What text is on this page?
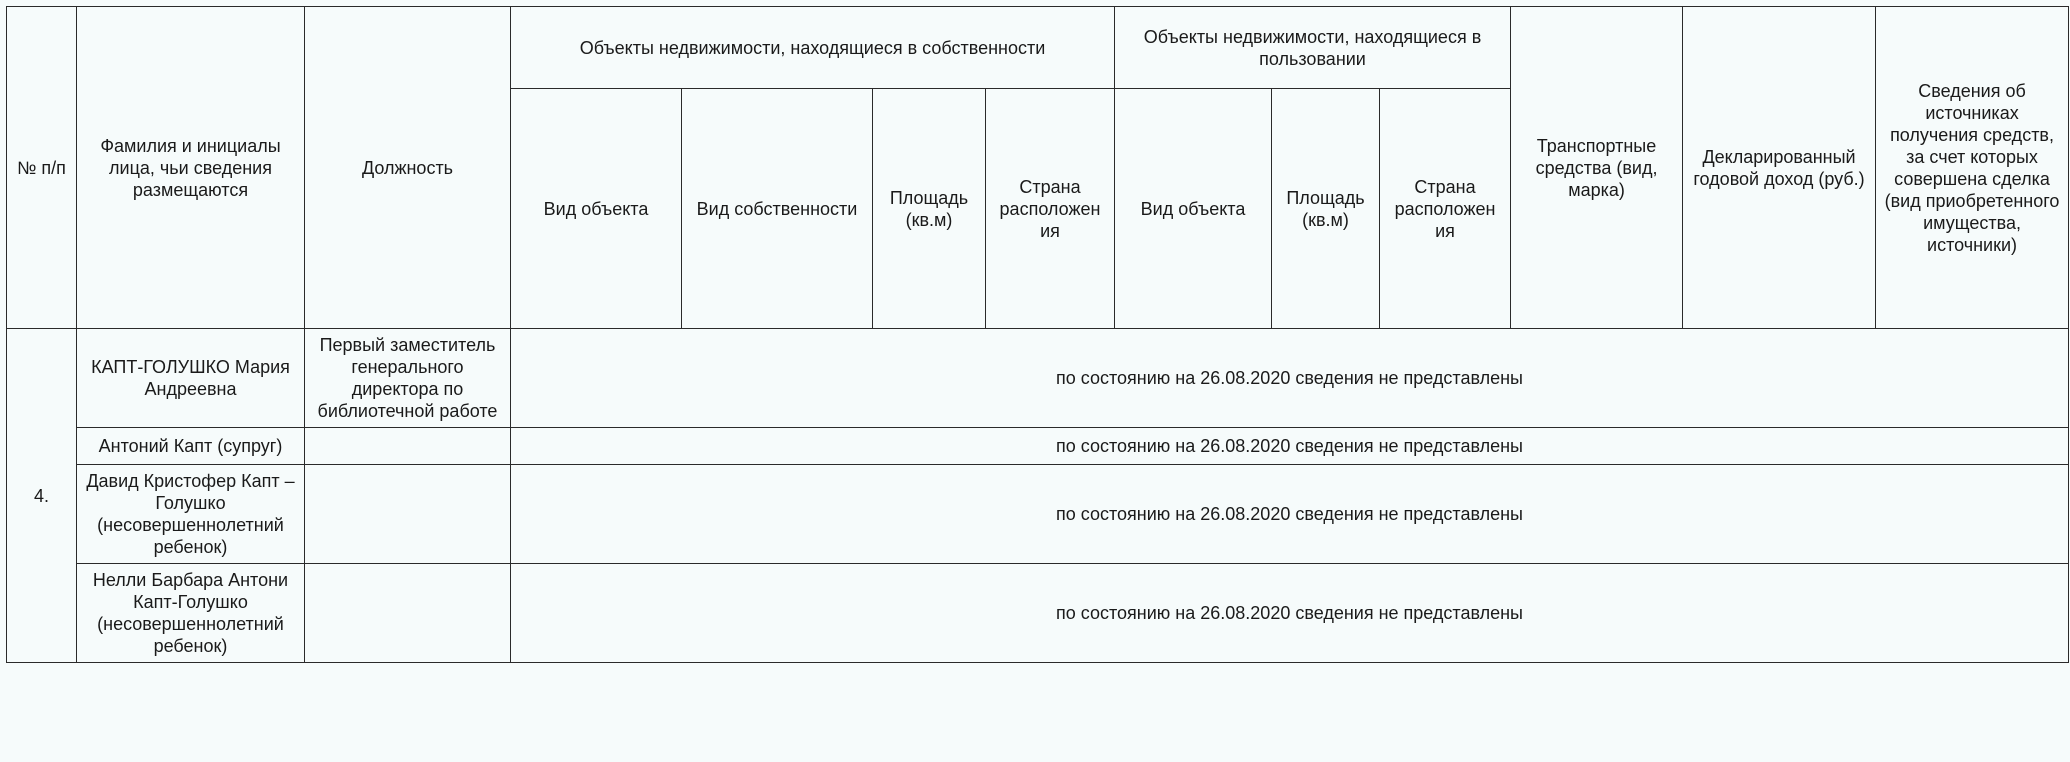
№ п/п	Фамилия и инициалы лица, чьи сведения размещаются	Должность	Объекты недвижимости, находящиеся в собственности				Объекты недвижимости, находящиеся в пользовании			Транспортные средства (вид, марка)	Декларированный годовой доход (руб.)	Сведения об источниках получения средств, за счет которых совершена сделка (вид приобретенного имущества, источники)
			Вид объекта	Вид собственности	Площадь (кв.м)	Страна расположен ия	Вид объекта	Площадь (кв.м)	Страна расположен ия			
4.	КАПТ-ГОЛУШКО Мария Андреевна	Первый заместитель генерального директора по библиотечной работе	по состоянию на 26.08.2020 сведения не представлены									
	Антоний Капт (супруг)		по состоянию на 26.08.2020 сведения не представлены									
	Давид Кристофер Капт –Голушко (несовершеннолетний ребенок)		по состоянию на 26.08.2020 сведения не представлены									
	Нелли Барбара Антони Капт-Голушко (несовершеннолетний ребенок)		по состоянию на 26.08.2020 сведения не представлены									
